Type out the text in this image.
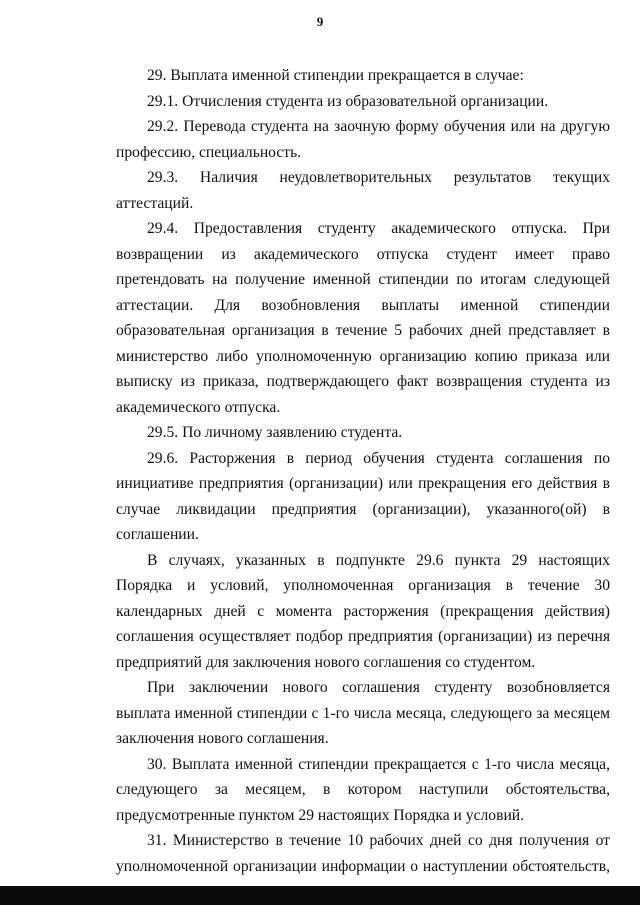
9

29. Выплата именной стипендии прекращается в случае:

29.1. Отчисления студента из образовательной организации.

29.2. Перевода студента на заочную форму обучения или на другую профессию, специальность.

29.3. Наличия неудовлетворительных результатов текущих аттестаций.

29.4. Предоставления студенту академического отпуска. При возвращении из академического отпуска студент имеет право претендовать на получение именной стипендии по итогам следующей аттестации. Для возобновления выплаты именной стипендии образовательная организация в течение 5 рабочих дней представляет в министерство либо уполномоченную организацию копию приказа или выписку из приказа, подтверждающего факт возвращения студента из академического отпуска.

29.5. По личному заявлению студента.

29.6. Расторжения в период обучения студента соглашения по инициативе предприятия (организации) или прекращения его действия в случае ликвидации предприятия (организации), указанного(ой) в соглашении.

В случаях, указанных в подпункте 29.6 пункта 29 настоящих Порядка и условий, уполномоченная организация в течение 30 календарных дней с момента расторжения (прекращения действия) соглашения осуществляет подбор предприятия (организации) из перечня предприятий для заключения нового соглашения со студентом.

При заключении нового соглашения студенту возобновляется выплата именной стипендии с 1-го числа месяца, следующего за месяцем заключения нового соглашения.

30. Выплата именной стипендии прекращается с 1-го числа месяца, следующего за месяцем, в котором наступили обстоятельства, предусмотренные пунктом 29 настоящих Порядка и условий.

31. Министерство в течение 10 рабочих дней со дня получения от уполномоченной организации информации о наступлении обстоятельств,
